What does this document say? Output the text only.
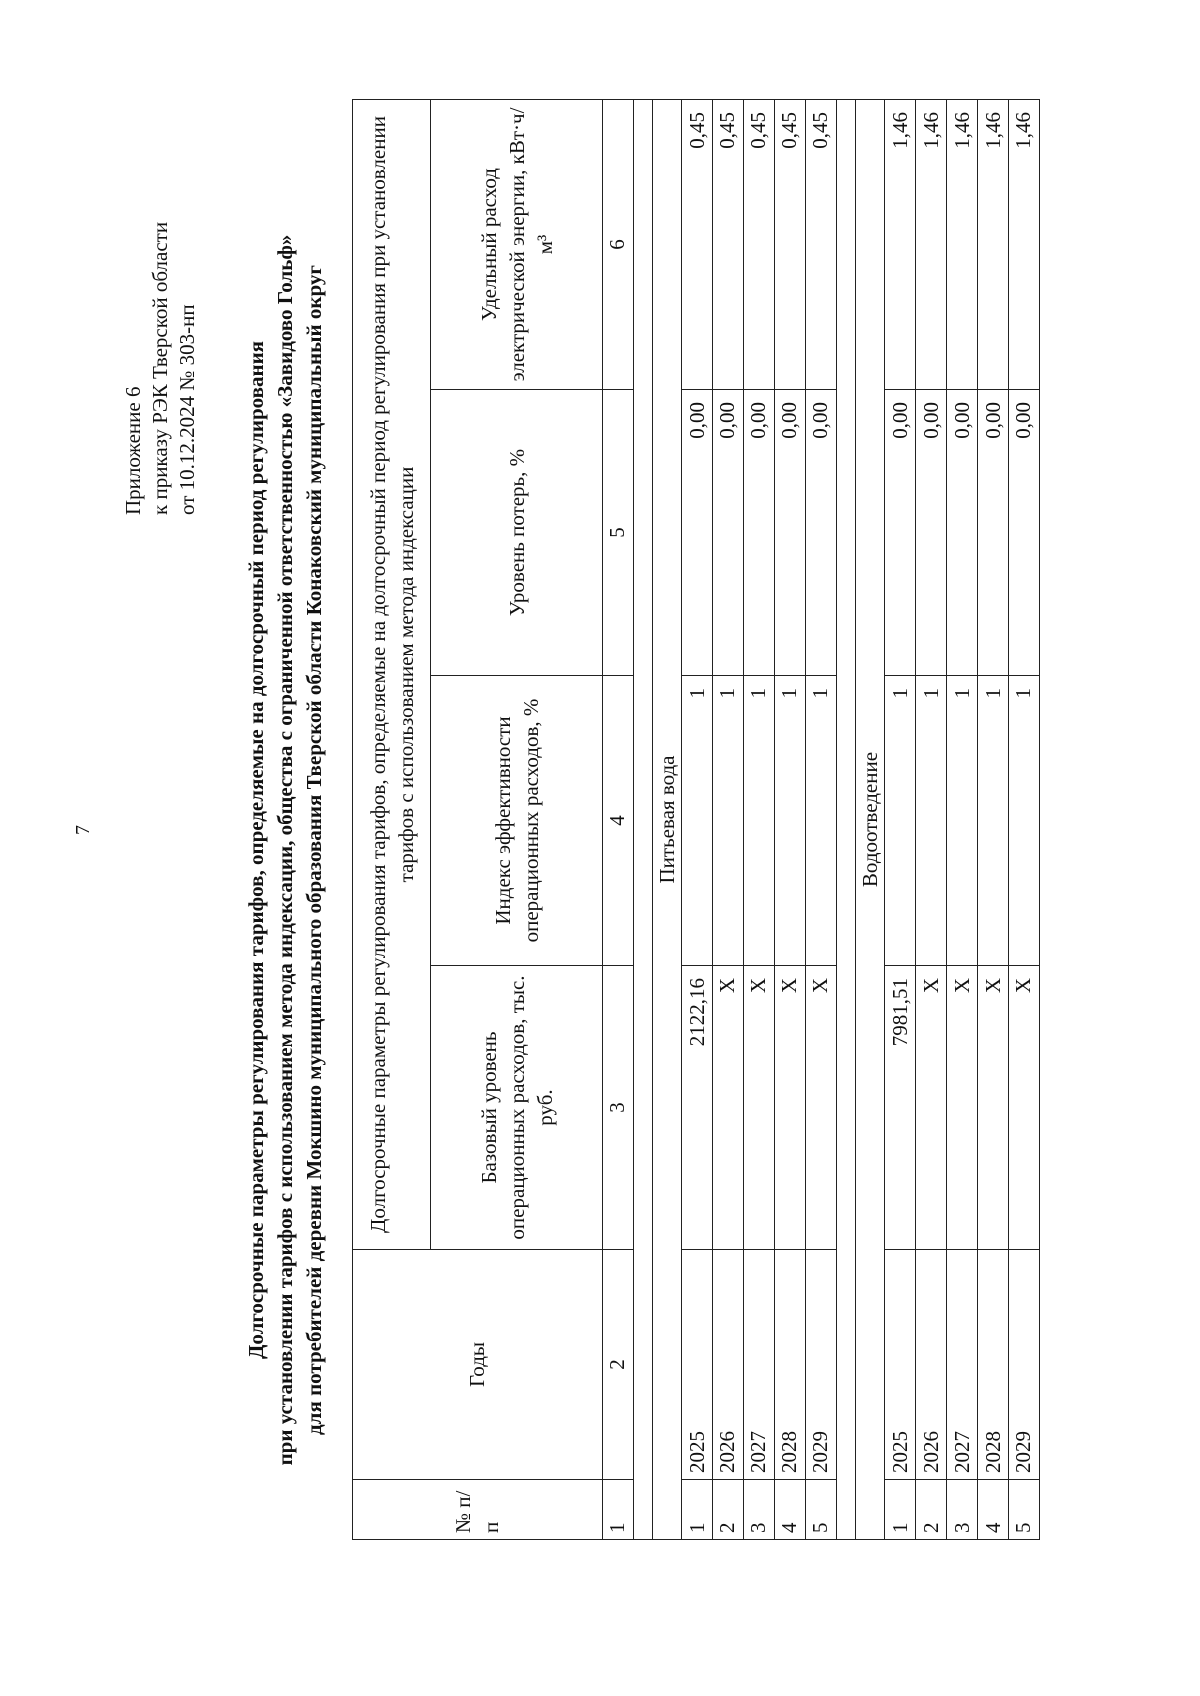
7
Приложение 6 к приказу РЭК Тверской области от 10.12.2024 № 303-нп Долгосрочные параметры регулирования тарифов, определяемые на долгосрочный период регулирования при установлении тарифов с использованием метода индексации, общества с ограниченной ответственностью «Завидово Гольф» для потребителей деревни Мокшино муниципального образования Тверской области Конаковский муниципальный округ
№ п/п	Годы	Долгосрочные параметры регулирования тарифов, определяемые на долгосрочный период регулирования при установлении тарифов с использованием метода индексации			
		Базовый уровень операционных расходов, тыс. руб.	Индекс эффективности операционных расходов, %	Уровень потерь, %	Удельный расход электрической энергии, кВт·ч/м³
1	2	3	4	5	6

Питьевая вода					
1	2025	2122,16	1	0,00	0,45
2	2026	X	1	0,00	0,45
3	2027	X	1	0,00	0,45
4	2028	X	1	0,00	0,45
5	2029	X	1	0,00	0,45

Водоотведение					
1	2025	7981,51	1	0,00	1,46
2	2026	X	1	0,00	1,46
3	2027	X	1	0,00	1,46
4	2028	X	1	0,00	1,46
5	2029	X	1	0,00	1,46
